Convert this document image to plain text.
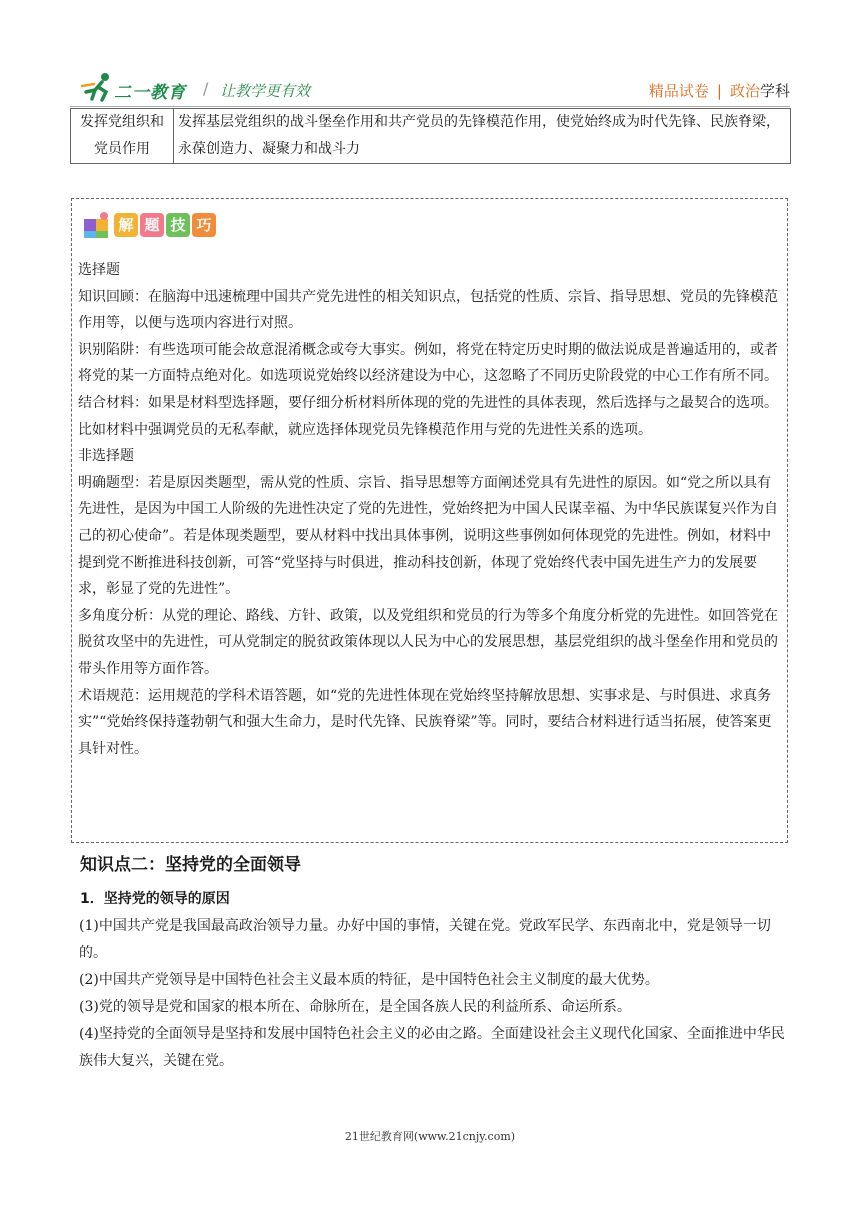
二一教育 / 让教学更有效	精品试卷 | 政治学科
发挥党组织和党员作用	发挥基层党组织的战斗堡垒作用和共产党员的先锋模范作用，使党始终成为时代先锋、民族脊梁，永葆创造力、凝聚力和战斗力
解 题 技 巧

选择题

知识回顾：在脑海中迅速梳理中国共产党先进性的相关知识点，包括党的性质、宗旨、指导思想、党员的先锋模范作用等，以便与选项内容进行对照。

识别陷阱：有些选项可能会故意混淆概念或夸大事实。例如，将党在特定历史时期的做法说成是普遍适用的，或者将党的某一方面特点绝对化。如选项说党始终以经济建设为中心，这忽略了不同历史阶段党的中心工作有所不同。

结合材料：如果是材料型选择题，要仔细分析材料所体现的党的先进性的具体表现，然后选择与之最契合的选项。比如材料中强调党员的无私奉献，就应选择体现党员先锋模范作用与党的先进性关系的选项。

非选择题

明确题型：若是原因类题型，需从党的性质、宗旨、指导思想等方面阐述党具有先进性的原因。如“党之所以具有先进性，是因为中国工人阶级的先进性决定了党的先进性，党始终把为中国人民谋幸福、为中华民族谋复兴作为自己的初心使命”。若是体现类题型，要从材料中找出具体事例，说明这些事例如何体现党的先进性。例如，材料中提到党不断推进科技创新，可答“党坚持与时俱进，推动科技创新，体现了党始终代表中国先进生产力的发展要求，彰显了党的先进性”。

多角度分析：从党的理论、路线、方针、政策，以及党组织和党员的行为等多个角度分析党的先进性。如回答党在脱贫攻坚中的先进性，可从党制定的脱贫政策体现以人民为中心的发展思想，基层党组织的战斗堡垒作用和党员的带头作用等方面作答。

术语规范：运用规范的学科术语答题，如“党的先进性体现在党始终坚持解放思想、实事求是、与时俱进、求真务实”“党始终保持蓬勃朝气和强大生命力，是时代先锋、民族脊梁”等。同时，要结合材料进行适当拓展，使答案更具针对性。

知识点二：坚持党的全面领导
1．坚持党的领导的原因

(1)中国共产党是我国最高政治领导力量。办好中国的事情，关键在党。党政军民学、东西南北中，党是领导一切的。

(2)中国共产党领导是中国特色社会主义最本质的特征，是中国特色社会主义制度的最大优势。

(3)党的领导是党和国家的根本所在、命脉所在，是全国各族人民的利益所系、命运所系。

(4)坚持党的全面领导是坚持和发展中国特色社会主义的必由之路。全面建设社会主义现代化国家、全面推进中华民族伟大复兴，关键在党。

21世纪教育网(www.21cnjy.com)
